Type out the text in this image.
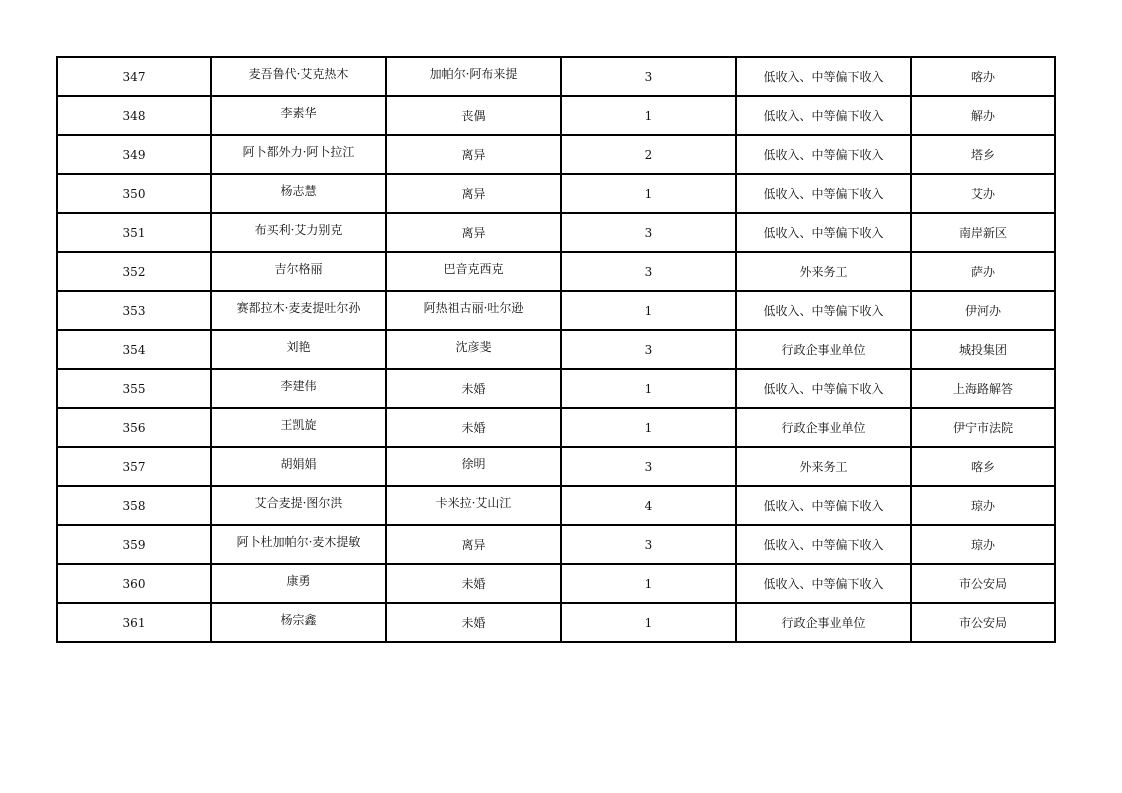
347	麦吾鲁代·艾克热木	加帕尔·阿布来提	3	低收入、中等偏下收入	喀办
348	李素华	丧偶	1	低收入、中等偏下收入	解办
349	阿卜都外力·阿卜拉江	离异	2	低收入、中等偏下收入	塔乡
350	杨志慧	离异	1	低收入、中等偏下收入	艾办
351	布买利·艾力别克	离异	3	低收入、中等偏下收入	南岸新区
352	吉尔格丽	巴音克西克	3	外来务工	萨办
353	赛都拉木·麦麦提吐尔孙	阿热祖古丽·吐尔逊	1	低收入、中等偏下收入	伊河办
354	刘艳	沈彦斐	3	行政企事业单位	城投集团
355	李建伟	未婚	1	低收入、中等偏下收入	上海路解答
356	王凯旋	未婚	1	行政企事业单位	伊宁市法院
357	胡娟娟	徐明	3	外来务工	喀乡
358	艾合麦提·图尔洪	卡米拉·艾山江	4	低收入、中等偏下收入	琼办
359	阿卜杜加帕尔·麦木提敏	离异	3	低收入、中等偏下收入	琼办
360	康勇	未婚	1	低收入、中等偏下收入	市公安局
361	杨宗鑫	未婚	1	行政企事业单位	市公安局
